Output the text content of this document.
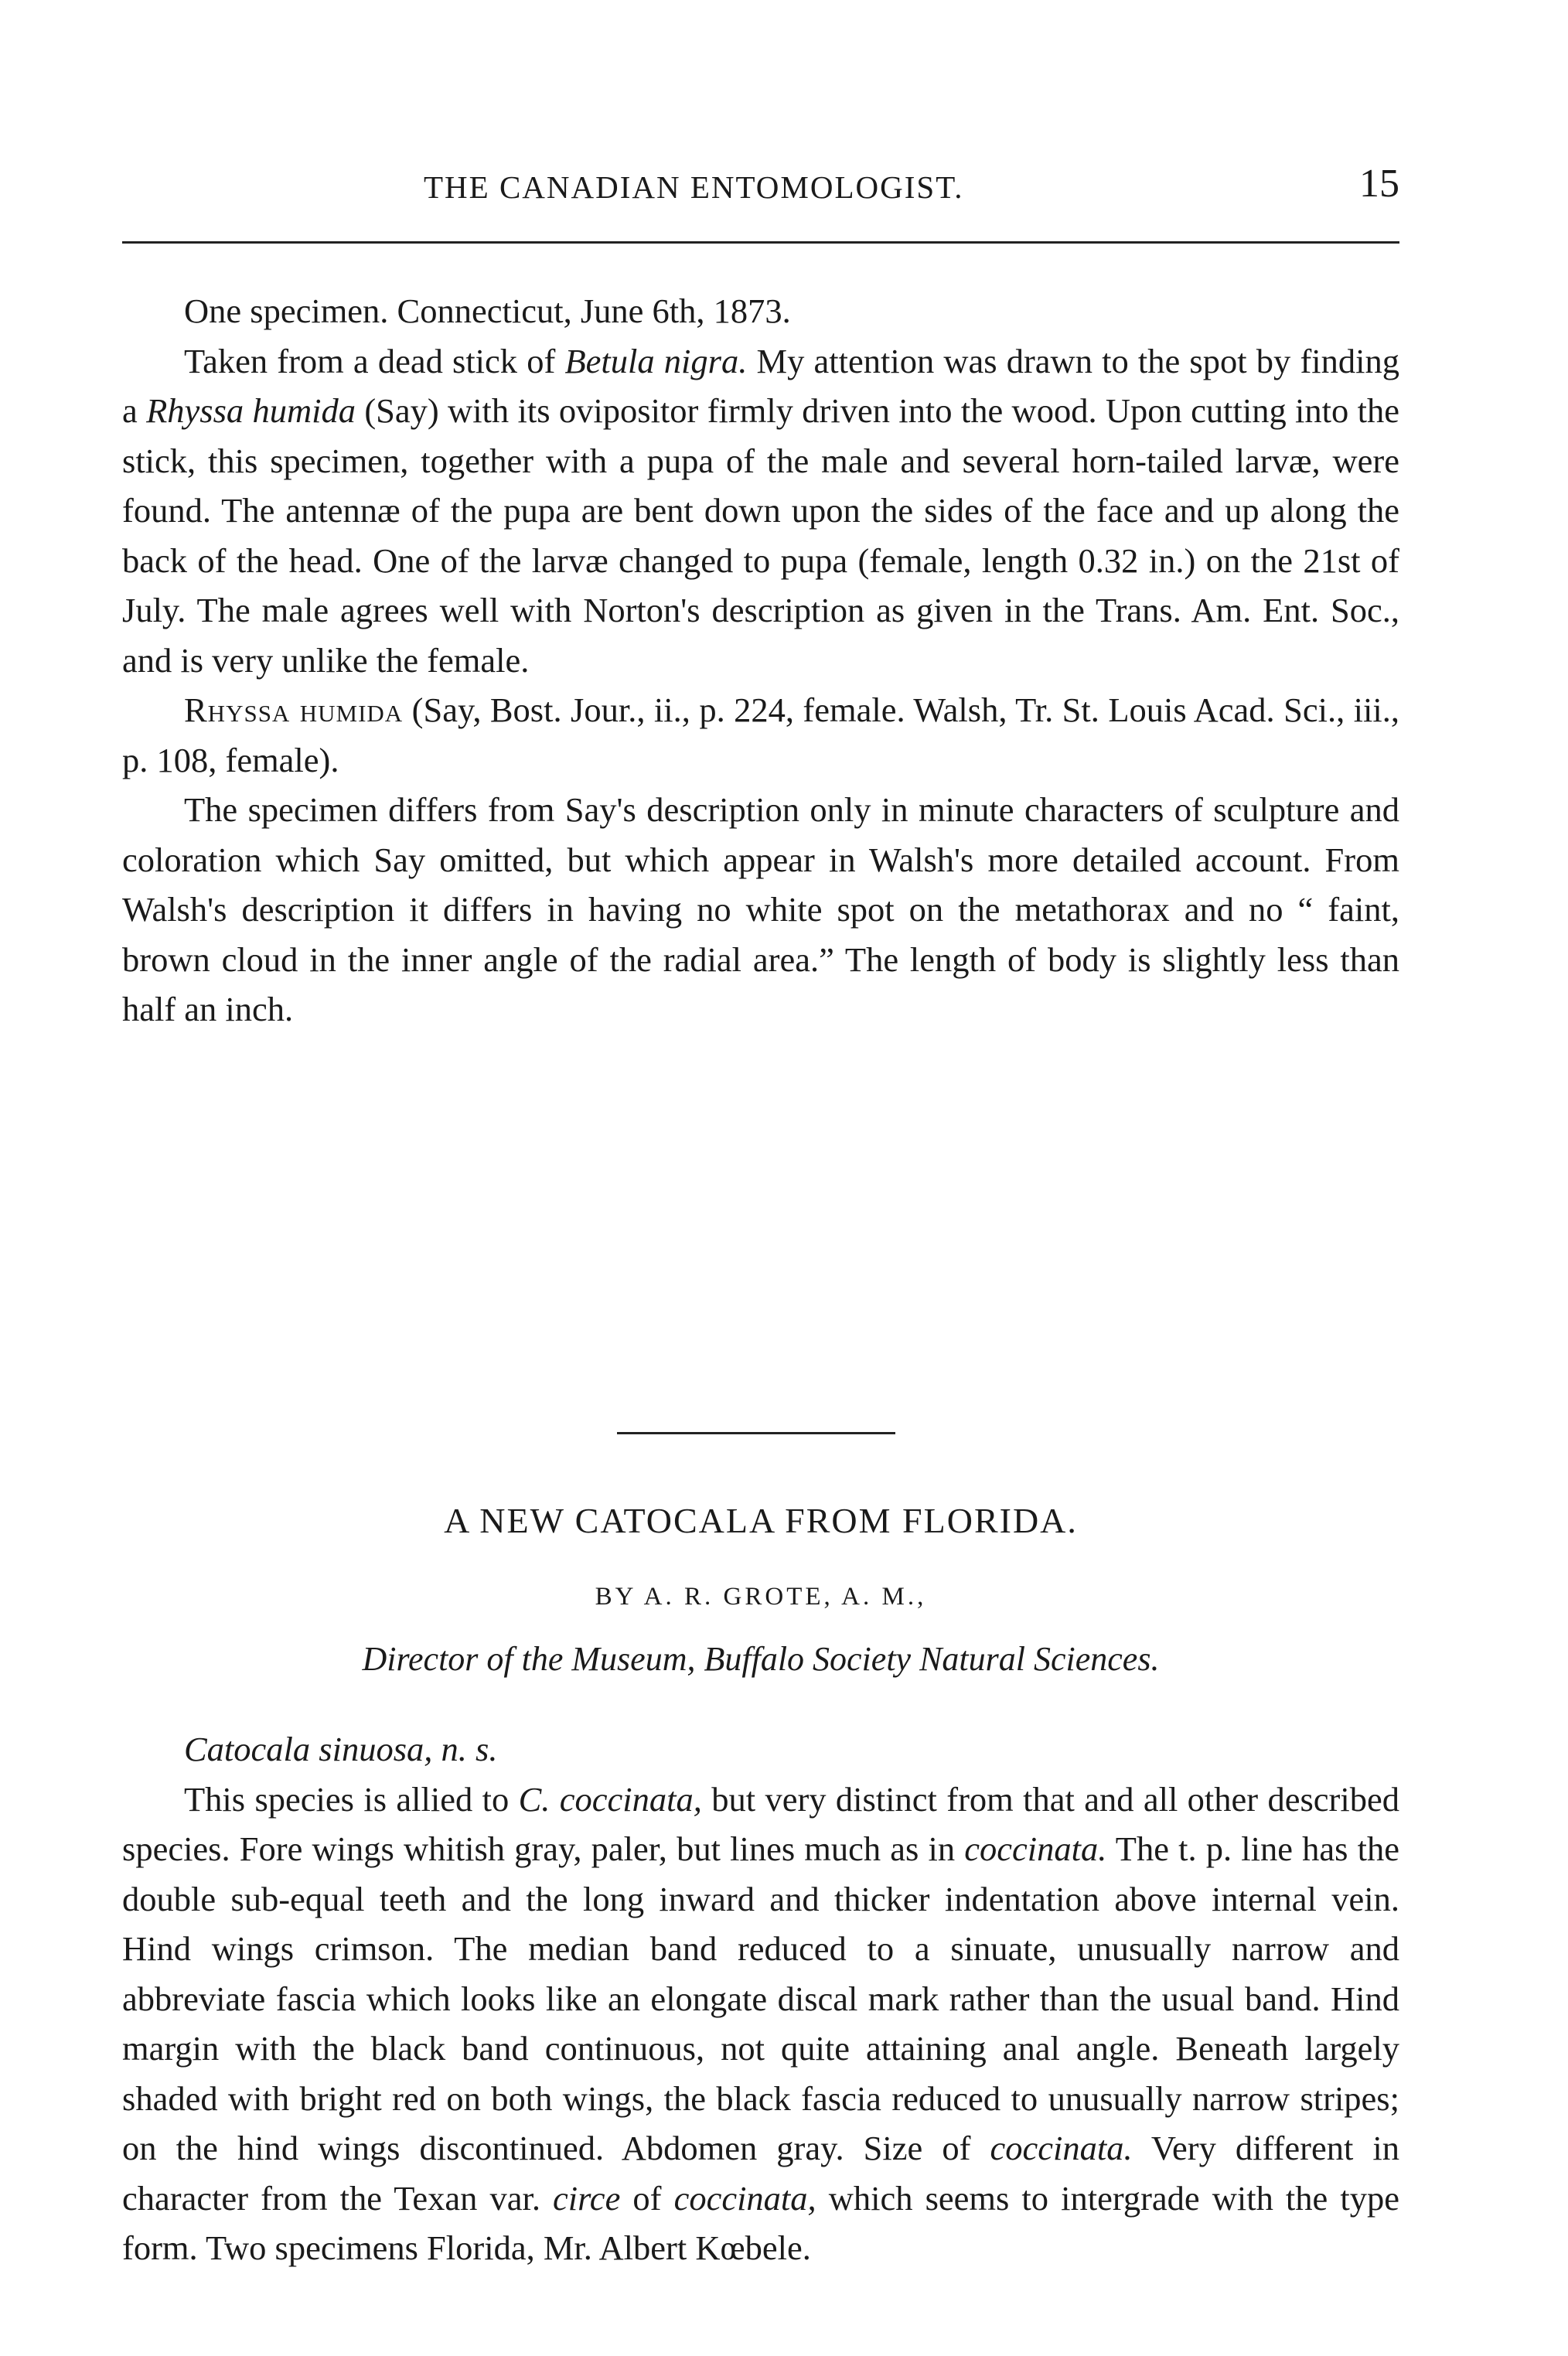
THE CANADIAN ENTOMOLOGIST.	15

One specimen. Connecticut, June 6th, 1873.

Taken from a dead stick of Betula nigra. My attention was drawn to the spot by finding a Rhyssa humida (Say) with its ovipositor firmly driven into the wood. Upon cutting into the stick, this specimen, together with a pupa of the male and several horn-tailed larvæ, were found. The antennæ of the pupa are bent down upon the sides of the face and up along the back of the head. One of the larvæ changed to pupa (female, length 0.32 in.) on the 21st of July. The male agrees well with Norton's description as given in the Trans. Am. Ent. Soc., and is very unlike the female.

Rhyssa humida (Say, Bost. Jour., ii., p. 224, female. Walsh, Tr. St. Louis Acad. Sci., iii., p. 108, female).

The specimen differs from Say's description only in minute characters of sculpture and coloration which Say omitted, but which appear in Walsh's more detailed account. From Walsh's description it differs in having no white spot on the metathorax and no “ faint, brown cloud in the inner angle of the radial area.” The length of body is slightly less than half an inch.

A NEW CATOCALA FROM FLORIDA.
BY A. R. GROTE, A. M.,
Director of the Museum, Buffalo Society Natural Sciences.

Catocala sinuosa, n. s.

This species is allied to C. coccinata, but very distinct from that and all other described species. Fore wings whitish gray, paler, but lines much as in coccinata. The t. p. line has the double sub-equal teeth and the long inward and thicker indentation above internal vein. Hind wings crimson. The median band reduced to a sinuate, unusually narrow and abbreviate fascia which looks like an elongate discal mark rather than the usual band. Hind margin with the black band continuous, not quite attaining anal angle. Beneath largely shaded with bright red on both wings, the black fascia reduced to unusually narrow stripes; on the hind wings discontinued. Abdomen gray. Size of coccinata. Very different in character from the Texan var. circe of coccinata, which seems to intergrade with the type form. Two specimens Florida, Mr. Albert Kœbele.
